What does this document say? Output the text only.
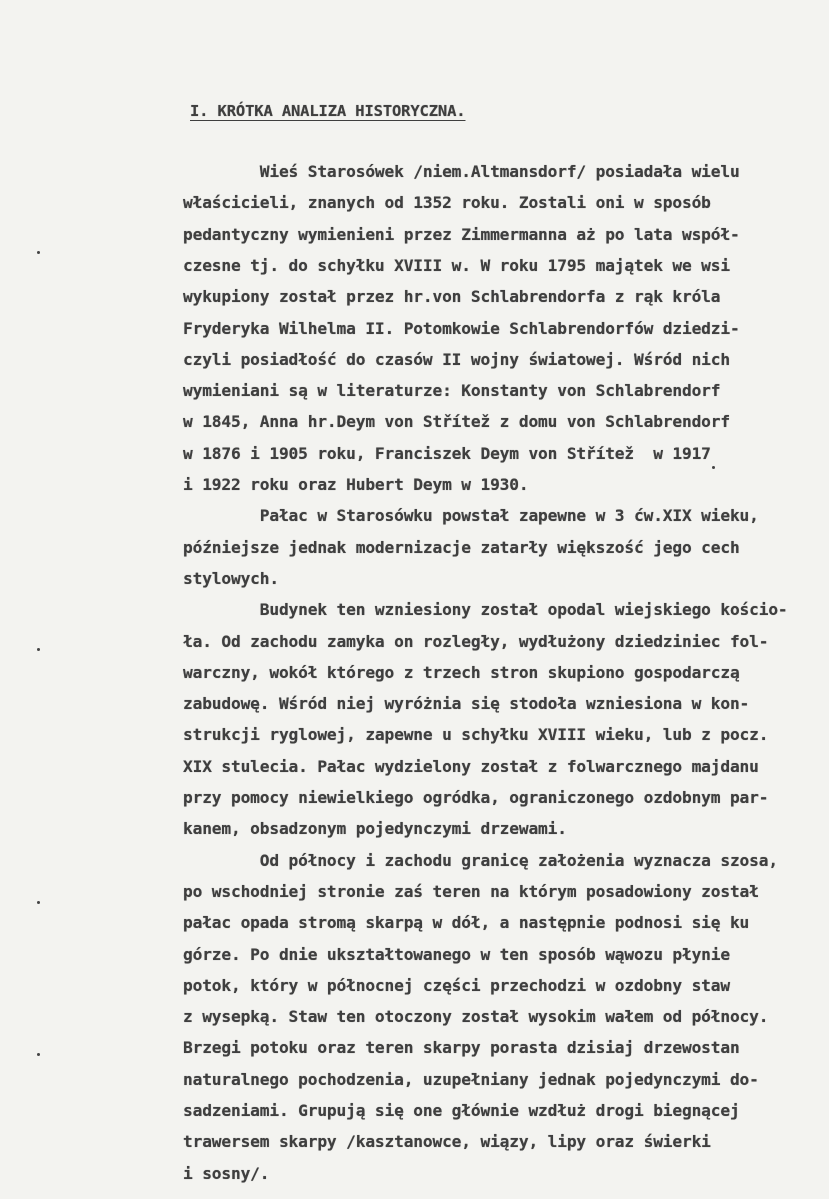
I. KRÓTKA ANALIZA HISTORYCZNA.
Wieś Starosówek /niem.Altmansdorf/ posiadała wielu
właścicieli, znanych od 1352 roku. Zostali oni w sposób
pedantyczny wymienieni przez Zimmermanna aż po lata współ-
czesne tj. do schyłku XVIII w. W roku 1795 majątek we wsi
wykupiony został przez hr.von Schlabrendorfa z rąk króla
Fryderyka Wilhelma II. Potomkowie Schlabrendorfów dziedzi-
czyli posiadłość do czasów II wojny światowej. Wśród nich
wymieniani są w literaturze: Konstanty von Schlabrendorf
w 1845, Anna hr.Deym von Střítež z domu von Schlabrendorf
w 1876 i 1905 roku, Franciszek Deym von Střítež  w 1917
i 1922 roku oraz Hubert Deym w 1930.
Pałac w Starosówku powstał zapewne w 3 ćw.XIX wieku,
późniejsze jednak modernizacje zatarły większość jego cech
stylowych.
Budynek ten wzniesiony został opodal wiejskiego kościo-
ła. Od zachodu zamyka on rozległy, wydłużony dziedziniec fol-
warczny, wokół którego z trzech stron skupiono gospodarczą
zabudowę. Wśród niej wyróżnia się stodoła wzniesiona w kon-
strukcji ryglowej, zapewne u schyłku XVIII wieku, lub z pocz.
XIX stulecia. Pałac wydzielony został z folwarcznego majdanu
przy pomocy niewielkiego ogródka, ograniczonego ozdobnym par-
kanem, obsadzonym pojedynczymi drzewami.
Od północy i zachodu granicę założenia wyznacza szosa,
po wschodniej stronie zaś teren na którym posadowiony został
pałac opada stromą skarpą w dół, a następnie podnosi się ku
górze. Po dnie ukształtowanego w ten sposób wąwozu płynie
potok, który w północnej części przechodzi w ozdobny staw
z wysepką. Staw ten otoczony został wysokim wałem od północy.
Brzegi potoku oraz teren skarpy porasta dzisiaj drzewostan
naturalnego pochodzenia, uzupełniany jednak pojedynczymi do-
sadzeniami. Grupują się one głównie wzdłuż drogi biegnącej
trawersem skarpy /kasztanowce, wiązy, lipy oraz świerki
i sosny/.
